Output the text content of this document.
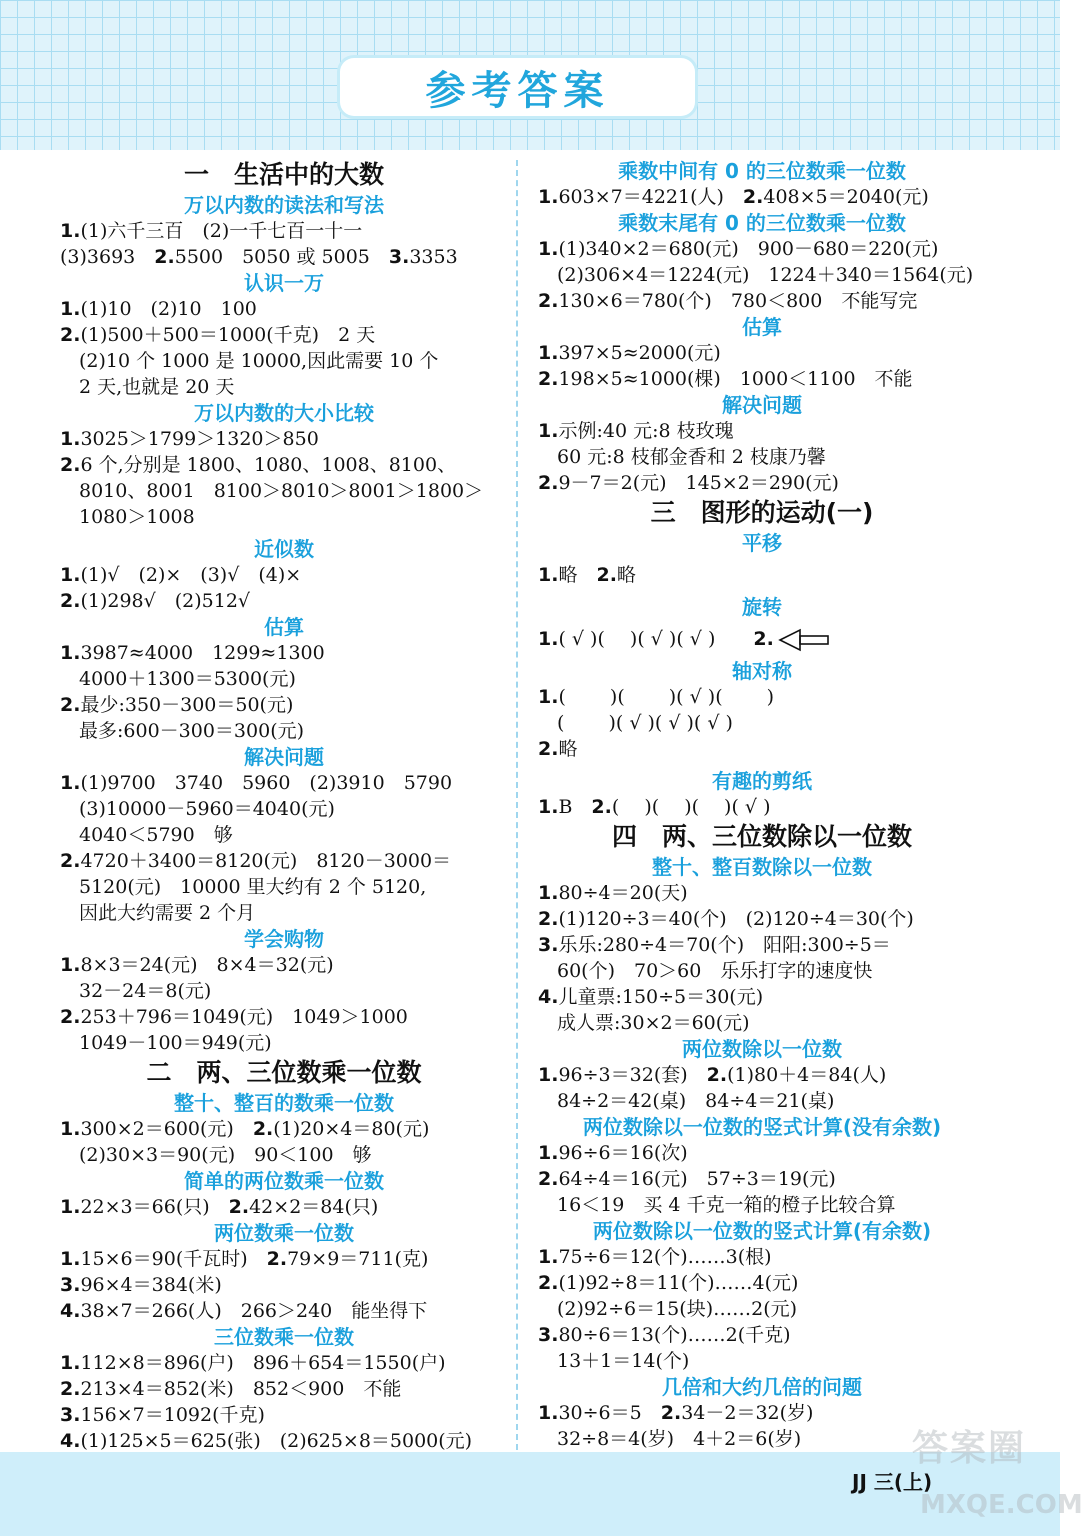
参考答案
一　生活中的大数
万以内数的读法和写法
1.(1)六千三百　(2)一千七百一十一
(3)3693　2.5500　5050 或 5005　3.3353
认识一万
1.(1)10　(2)10　100
2.(1)500＋500＝1000(千克)　2 天
　(2)10 个 1000 是 10000,因此需要 10 个
　2 天,也就是 20 天
万以内数的大小比较
1.3025＞1799＞1320＞850
2.6 个,分别是 1800、1080、1008、8100、
　8010、8001　8100＞8010＞8001＞1800＞
　1080＞1008
近似数
1.(1)√　(2)×　(3)√　(4)×
2.(1)298√　(2)512√
估算
1.3987≈4000　1299≈1300
　4000＋1300＝5300(元)
2.最少:350－300＝50(元)
　最多:600－300＝300(元)
解决问题
1.(1)9700　3740　5960　(2)3910　5790
　(3)10000－5960＝4040(元)
　4040＜5790　够
2.4720＋3400＝8120(元)　8120－3000＝
　5120(元)　10000 里大约有 2 个 5120,
　因此大约需要 2 个月
学会购物
1.8×3＝24(元)　8×4＝32(元)
　32－24＝8(元)
2.253＋796＝1049(元)　1049＞1000
　1049－100＝949(元)
二　两、三位数乘一位数
整十、整百的数乘一位数
1.300×2＝600(元)　2.(1)20×4＝80(元)
　(2)30×3＝90(元)　90＜100　够
简单的两位数乘一位数
1.22×3＝66(只)　2.42×2＝84(只)
两位数乘一位数
1.15×6＝90(千瓦时)　2.79×9＝711(克)
3.96×4＝384(米)
4.38×7＝266(人)　266＞240　能坐得下
三位数乘一位数
1.112×8＝896(户)　896＋654＝1550(户)
2.213×4＝852(米)　852＜900　不能
3.156×7＝1092(千克)
4.(1)125×5＝625(张)　(2)625×8＝5000(元)
乘数中间有 0 的三位数乘一位数
1.603×7＝4221(人)　2.408×5＝2040(元)
乘数末尾有 0 的三位数乘一位数
1.(1)340×2＝680(元)　900－680＝220(元)
　(2)306×4＝1224(元)　1224＋340＝1564(元)
2.130×6＝780(个)　780＜800　不能写完
估算
1.397×5≈2000(元)
2.198×5≈1000(棵)　1000＜1100　不能
解决问题
1.示例:40 元:8 枝玫瑰
　60 元:8 枝郁金香和 2 枝康乃馨
2.9－7＝2(元)　145×2＝290(元)
三　图形的运动(一)
平移
1.略　2.略
旋转
1.( √ )(　 )( √ )( √ )　　2.
轴对称
1.(　　 )(　　 )( √ )(　　 )
　(　　 )( √ )( √ )( √ )
2.略
有趣的剪纸
1.B　2.(　 )(　 )(　 )( √ )
四　两、三位数除以一位数
整十、整百数除以一位数
1.80÷4＝20(天)
2.(1)120÷3＝40(个)　(2)120÷4＝30(个)
3.乐乐:280÷4＝70(个)　阳阳:300÷5＝
　60(个)　70＞60　乐乐打字的速度快
4.儿童票:150÷5＝30(元)
　成人票:30×2＝60(元)
两位数除以一位数
1.96÷3＝32(套)　2.(1)80＋4＝84(人)
　84÷2＝42(桌)　84÷4＝21(桌)
两位数除以一位数的竖式计算(没有余数)
1.96÷6＝16(次)
2.64÷4＝16(元)　57÷3＝19(元)
　16＜19　买 4 千克一箱的橙子比较合算
两位数除以一位数的竖式计算(有余数)
1.75÷6＝12(个)……3(根)
2.(1)92÷8＝11(个)……4(元)
　(2)92÷6＝15(块)……2(元)
3.80÷6＝13(个)……2(千克)
　13＋1＝14(个)
几倍和大约几倍的问题
1.30÷6＝5　2.34－2＝32(岁)
　32÷8＝4(岁)　4＋2＝6(岁)
JJ 三(上)
答案圈
MXQE.COM
